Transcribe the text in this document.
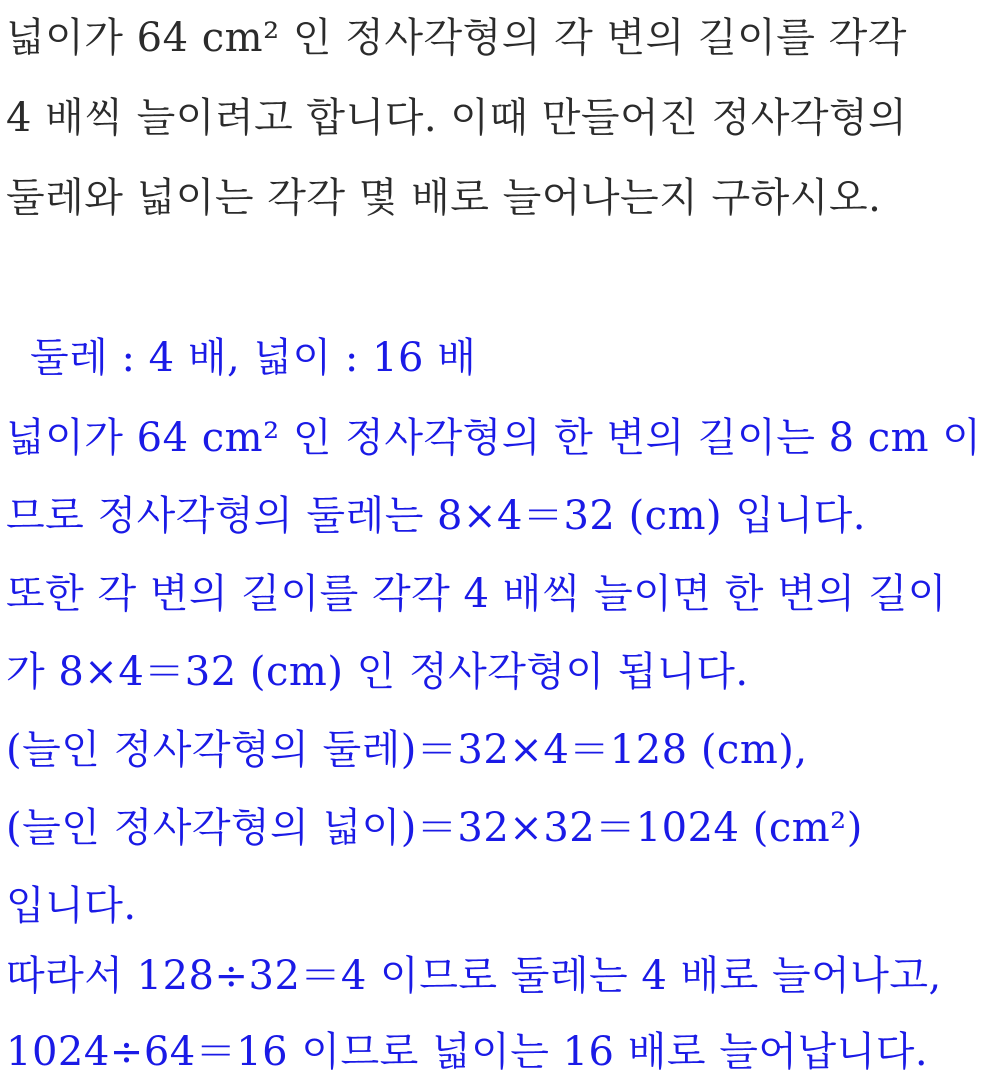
넓이가 64 cm² 인 정사각형의 각 변의 길이를 각각
4 배씩 늘이려고 합니다. 이때 만들어진 정사각형의
둘레와 넓이는 각각 몇 배로 늘어나는지 구하시오.
둘레 : 4 배, 넓이 : 16 배
넓이가 64 cm² 인 정사각형의 한 변의 길이는 8 cm 이
므로 정사각형의 둘레는 8×4＝32 (cm) 입니다.
또한 각 변의 길이를 각각 4 배씩 늘이면 한 변의 길이
가 8×4＝32 (cm) 인 정사각형이 됩니다.
(늘인 정사각형의 둘레)＝32×4＝128 (cm),
(늘인 정사각형의 넓이)＝32×32＝1024 (cm²)
입니다.
따라서 128÷32＝4 이므로 둘레는 4 배로 늘어나고,
1024÷64＝16 이므로 넓이는 16 배로 늘어납니다.
